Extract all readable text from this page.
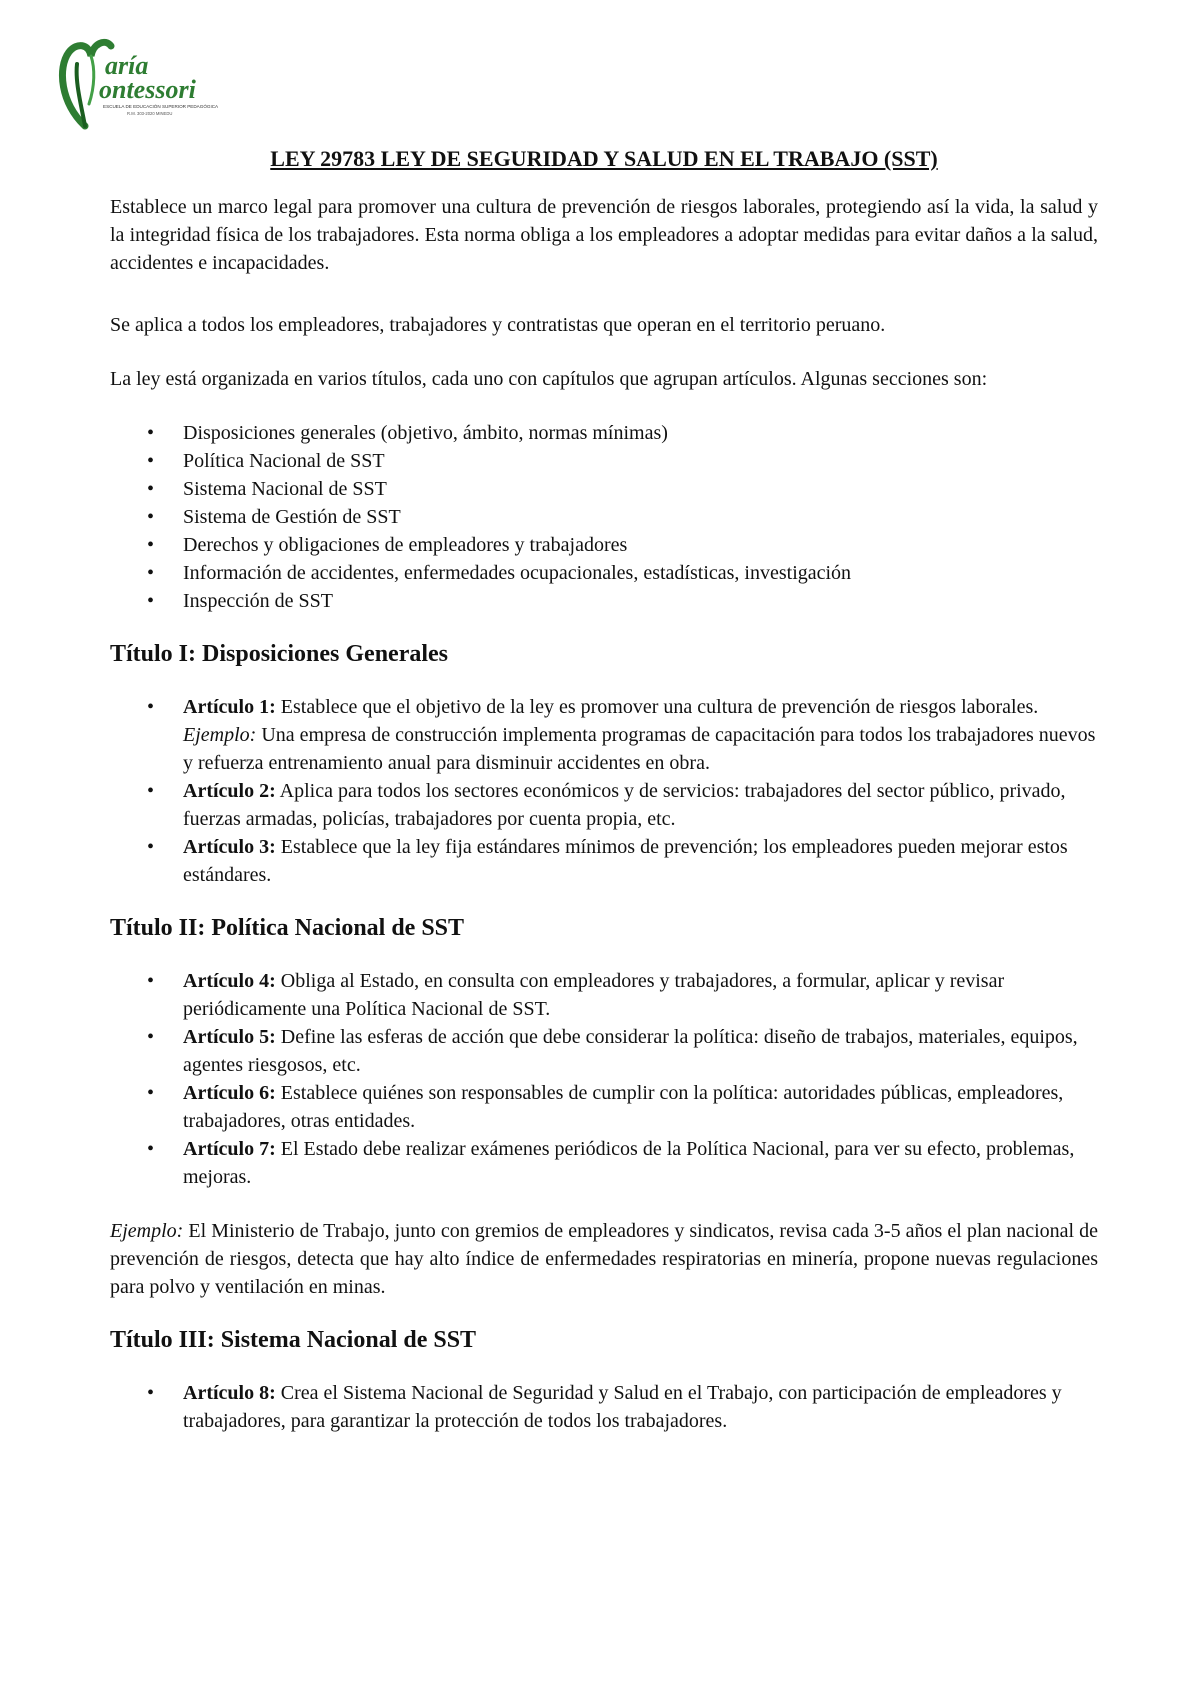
aría
ontessori
ESCUELA DE EDUCACIÓN SUPERIOR PEDAGÓGICA
R.M. 303-2020 MINEDU
LEY 29783 LEY DE SEGURIDAD Y SALUD EN EL TRABAJO (SST)

Establece un marco legal para promover una cultura de prevención de riesgos laborales, protegiendo así la vida, la salud y la integridad física de los trabajadores. Esta norma obliga a los empleadores a adoptar medidas para evitar daños a la salud, accidentes e incapacidades.

Se aplica a todos los empleadores, trabajadores y contratistas que operan en el territorio peruano.

La ley está organizada en varios títulos, cada uno con capítulos que agrupan artículos. Algunas secciones son:

• Disposiciones generales (objetivo, ámbito, normas mínimas)
• Política Nacional de SST
• Sistema Nacional de SST
• Sistema de Gestión de SST
• Derechos y obligaciones de empleadores y trabajadores
• Información de accidentes, enfermedades ocupacionales, estadísticas, investigación
• Inspección de SST
Título I: Disposiciones Generales
• Artículo 1: Establece que el objetivo de la ley es promover una cultura de prevención de riesgos laborales.
Ejemplo: Una empresa de construcción implementa programas de capacitación para todos los trabajadores nuevos y refuerza entrenamiento anual para disminuir accidentes en obra.
• Artículo 2: Aplica para todos los sectores económicos y de servicios: trabajadores del sector público, privado, fuerzas armadas, policías, trabajadores por cuenta propia, etc.
• Artículo 3: Establece que la ley fija estándares mínimos de prevención; los empleadores pueden mejorar estos estándares.
Título II: Política Nacional de SST
• Artículo 4: Obliga al Estado, en consulta con empleadores y trabajadores, a formular, aplicar y revisar periódicamente una Política Nacional de SST.
• Artículo 5: Define las esferas de acción que debe considerar la política: diseño de trabajos, materiales, equipos, agentes riesgosos, etc.
• Artículo 6: Establece quiénes son responsables de cumplir con la política: autoridades públicas, empleadores, trabajadores, otras entidades.
• Artículo 7: El Estado debe realizar exámenes periódicos de la Política Nacional, para ver su efecto, problemas, mejoras.

Ejemplo: El Ministerio de Trabajo, junto con gremios de empleadores y sindicatos, revisa cada 3-5 años el plan nacional de prevención de riesgos, detecta que hay alto índice de enfermedades respiratorias en minería, propone nuevas regulaciones para polvo y ventilación en minas.

Título III: Sistema Nacional de SST
• Artículo 8: Crea el Sistema Nacional de Seguridad y Salud en el Trabajo, con participación de empleadores y trabajadores, para garantizar la protección de todos los trabajadores.
